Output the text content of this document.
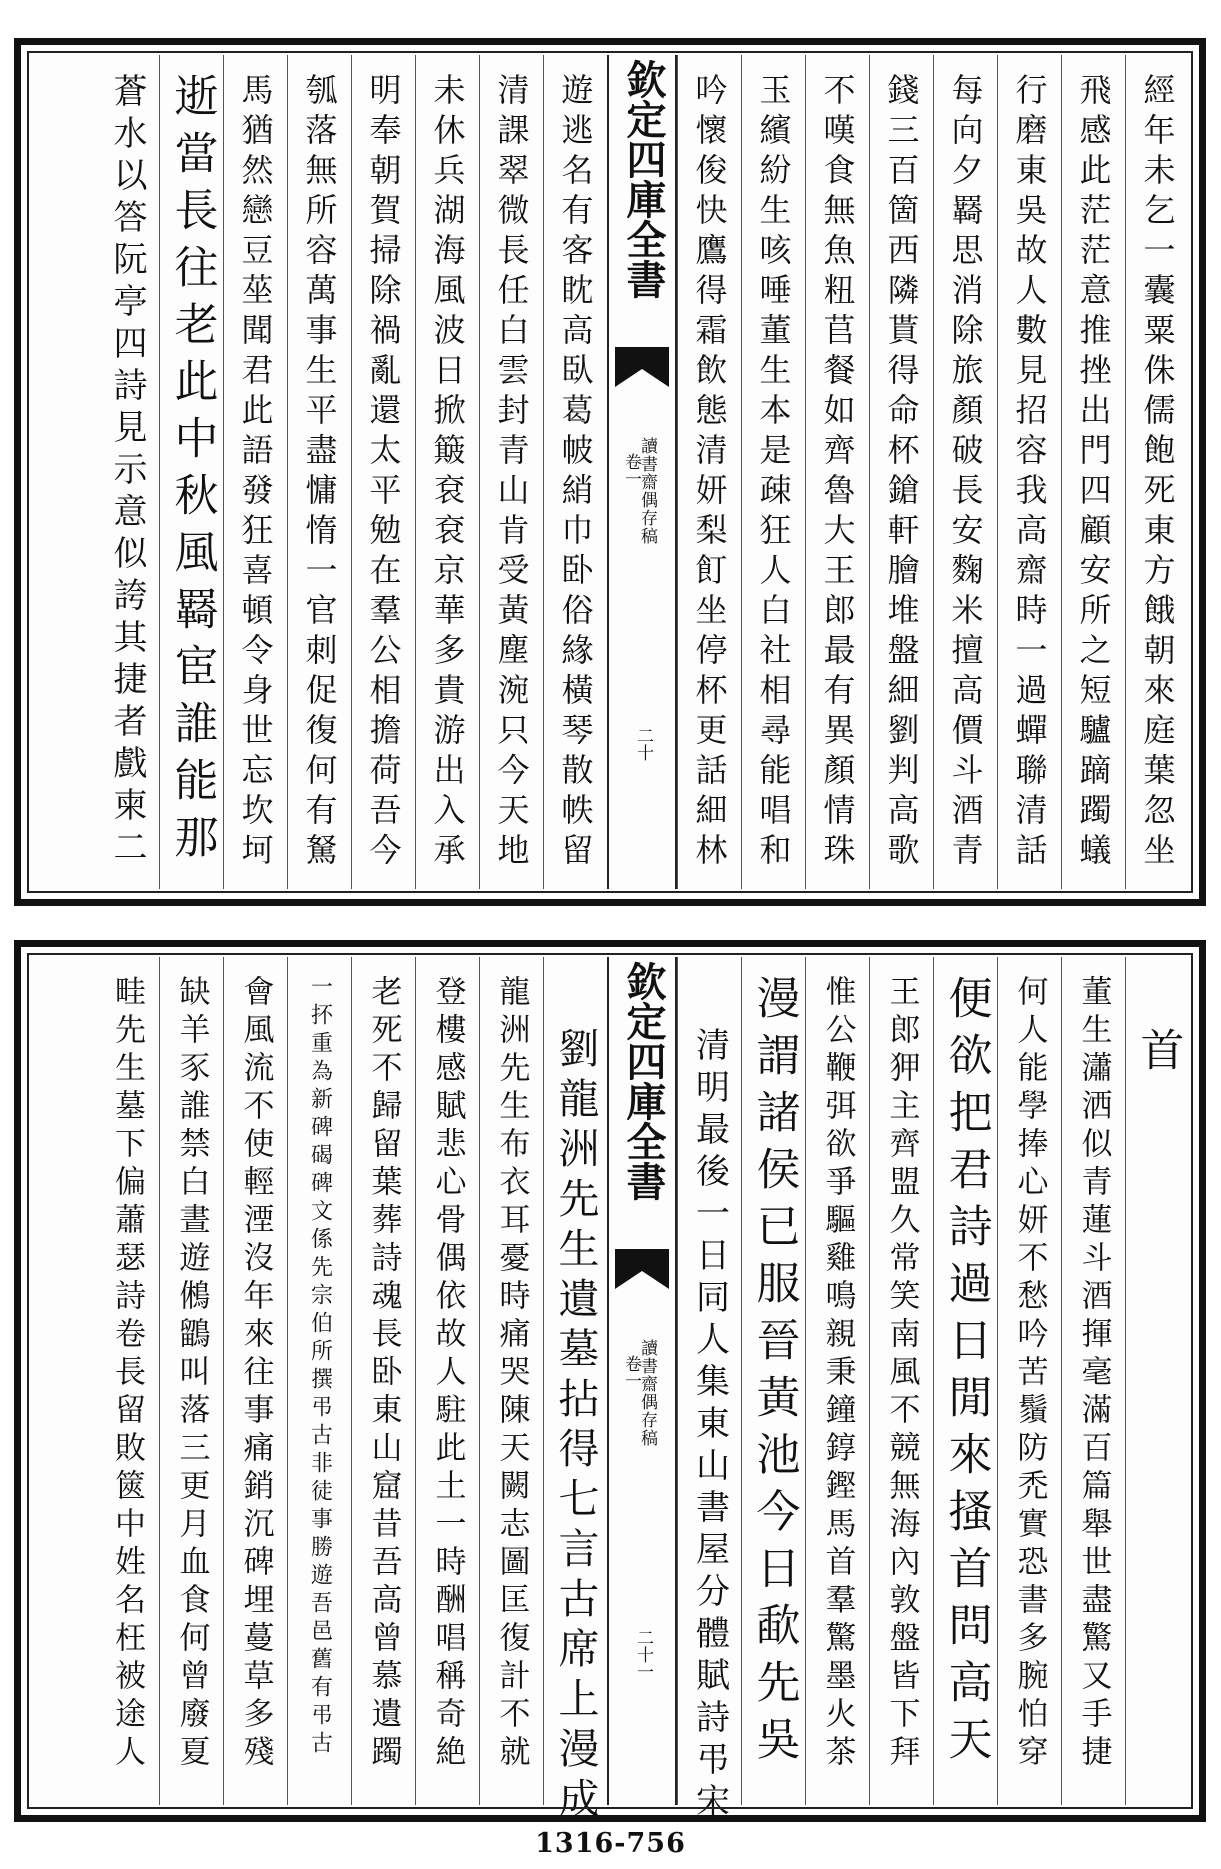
經年未乞一囊粟侏儒飽死東方餓朝來庭葉忽坐
飛感此茫茫意推挫出門四顧安所之短驢蹢躅蟻
行磨東吳故人數見招容我高齋時一過蟬聯清話
每向夕羇思消除旅顏破長安麴米擅高價斗酒青
錢三百箇西隣貰得命杯鎗軒膾堆盤細劉判高歌
不嘆食無魚粈苢餐如齊魯大王郎最有異顏情珠
玉繽紛生咳唾董生本是疎狂人白社相尋能唱和
吟懷俊快鷹得霜飲態清妍梨飣坐停杯更話細林
欽定四庫全書
讀書齋偶存稿
卷一
二十
遊逃名有客眈高臥葛帔綃巾卧俗緣橫琴散帙留
清課翠微長任白雲封青山肯受黃塵涴只今天地
未休兵湖海風波日掀簸袞袞京華多貴游出入承
明奉朝賀掃除禍亂還太平勉在羣公相擔荷吾今
瓠落無所容萬事生平盡慵惰一官刺促復何有駑
馬猶然戀豆莝聞君此語發狂喜頓令身世忘坎坷
逝當長往老此中秋風羇宦誰能那
蒼水以答阮亭四詩見示意似誇其捷者戲柬二
首
董生瀟洒似青蓮斗酒揮毫滿百篇舉世盡驚又手捷
何人能學捧心妍不愁吟苦鬚防禿實恐書多腕怕穿
便欲把君詩過日閒來搔首問高天
王郎狎主齊盟久常笑南風不競無海內敦盤皆下拜
惟公鞭弭欲爭驅雞鳴親秉鐘錞鏗馬首羣驚墨火茶
漫謂諸侯已服晉黃池今日歃先吳
清明最後一日同人集東山書屋分體賦詩弔宋
欽定四庫全書
讀書齋偶存稿
卷一
二十一
劉龍洲先生遺墓拈得七言古席上漫成
龍洲先生布衣耳憂時痛哭陳天闕志圖匡復計不就
登樓感賦悲心骨偶依故人駐此土一時酬唱稱奇絶
老死不歸留葉葬詩魂長卧東山窟昔吾高曾慕遺躅
一抔重為新碑碣碑文係先宗伯所撰弔古非徒事勝遊吾邑舊有弔古
會風流不使輕湮沒年來往事痛銷沉碑埋蔓草多殘
缺羊豕誰禁白晝遊鵂鶹叫落三更月血食何曾廢夏
畦先生墓下偏蕭瑟詩卷長留敗篋中姓名枉被途人
1316-756
